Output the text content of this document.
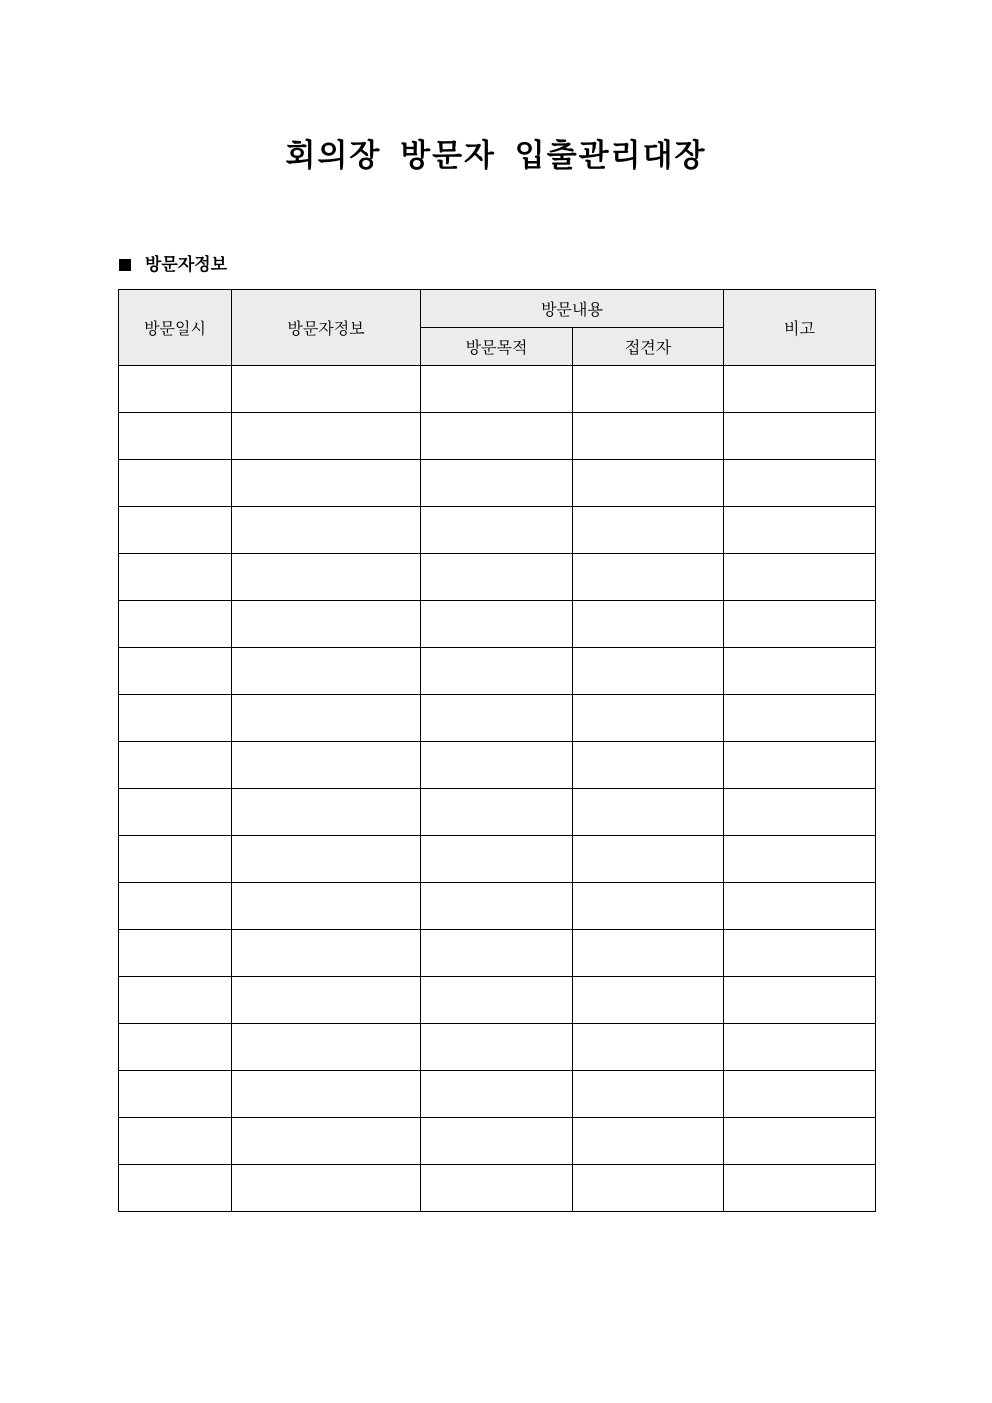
회의장 방문자 입출관리대장
방문자정보
방문일시	방문자정보	방문내용		비고
		방문목적	접견자	
